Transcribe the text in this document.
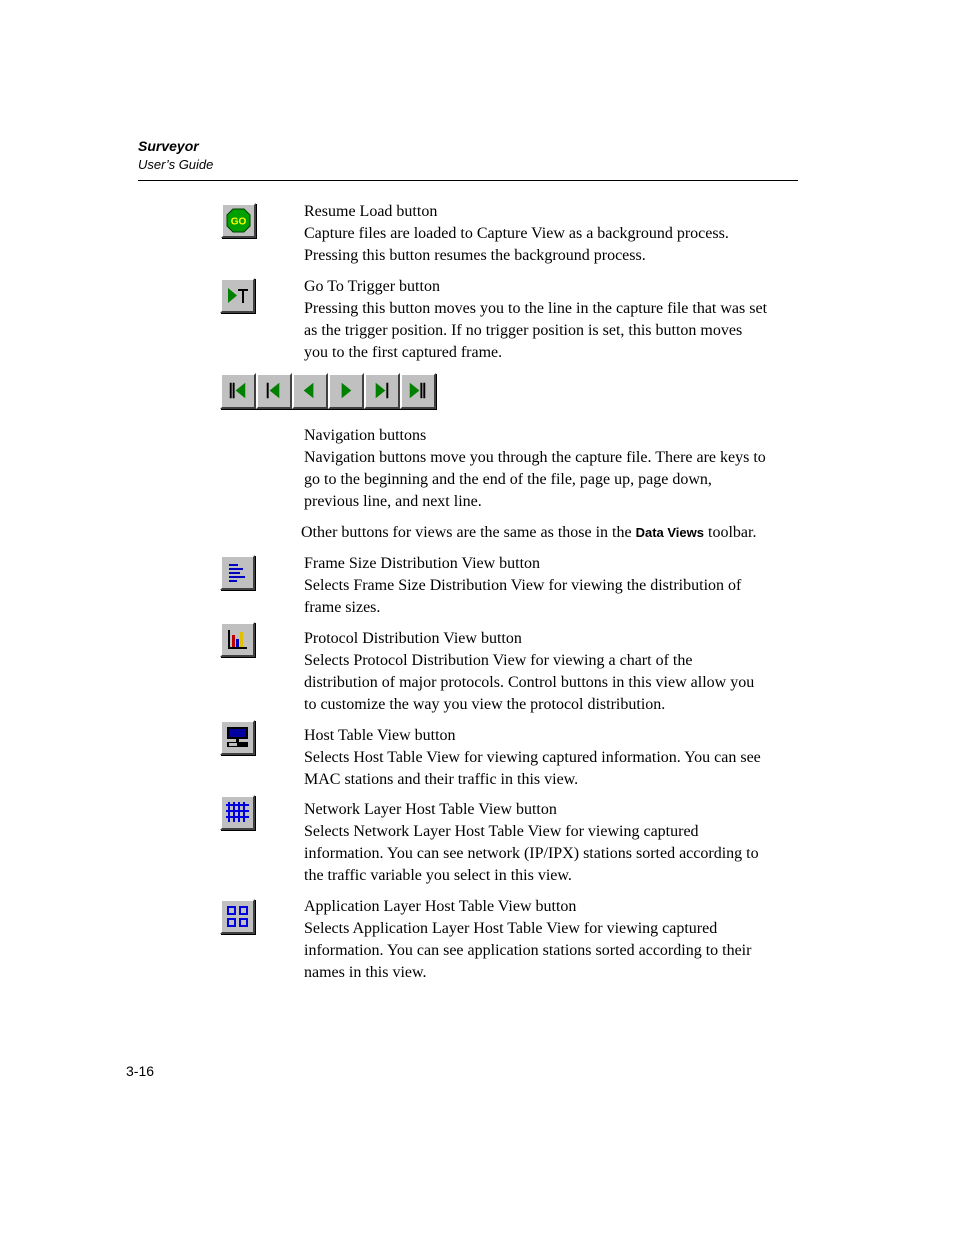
Surveyor
User’s Guide
GO
Resume Load button
Capture files are loaded to Capture View as a background process.
Pressing this button resumes the background process.
Go To Trigger button
Pressing this button moves you to the line in the capture file that was set
as the trigger position. If no trigger position is set, this button moves
you to the first captured frame.
Navigation buttons
Navigation buttons move you through the capture file. There are keys to
go to the beginning and the end of the file, page up, page down,
previous line, and next line.
Other buttons for views are the same as those in the Data Views toolbar.
Frame Size Distribution View button
Selects Frame Size Distribution View for viewing the distribution of
frame sizes.
Protocol Distribution View button
Selects Protocol Distribution View for viewing a chart of the
distribution of major protocols. Control buttons in this view allow you
to customize the way you view the protocol distribution.
Host Table View button
Selects Host Table View for viewing captured information. You can see
MAC stations and their traffic in this view.
Network Layer Host Table View button
Selects Network Layer Host Table View for viewing captured
information. You can see network (IP/IPX) stations sorted according to
the traffic variable you select in this view.
Application Layer Host Table View button
Selects Application Layer Host Table View for viewing captured
information. You can see application stations sorted according to their
names in this view.
3-16
